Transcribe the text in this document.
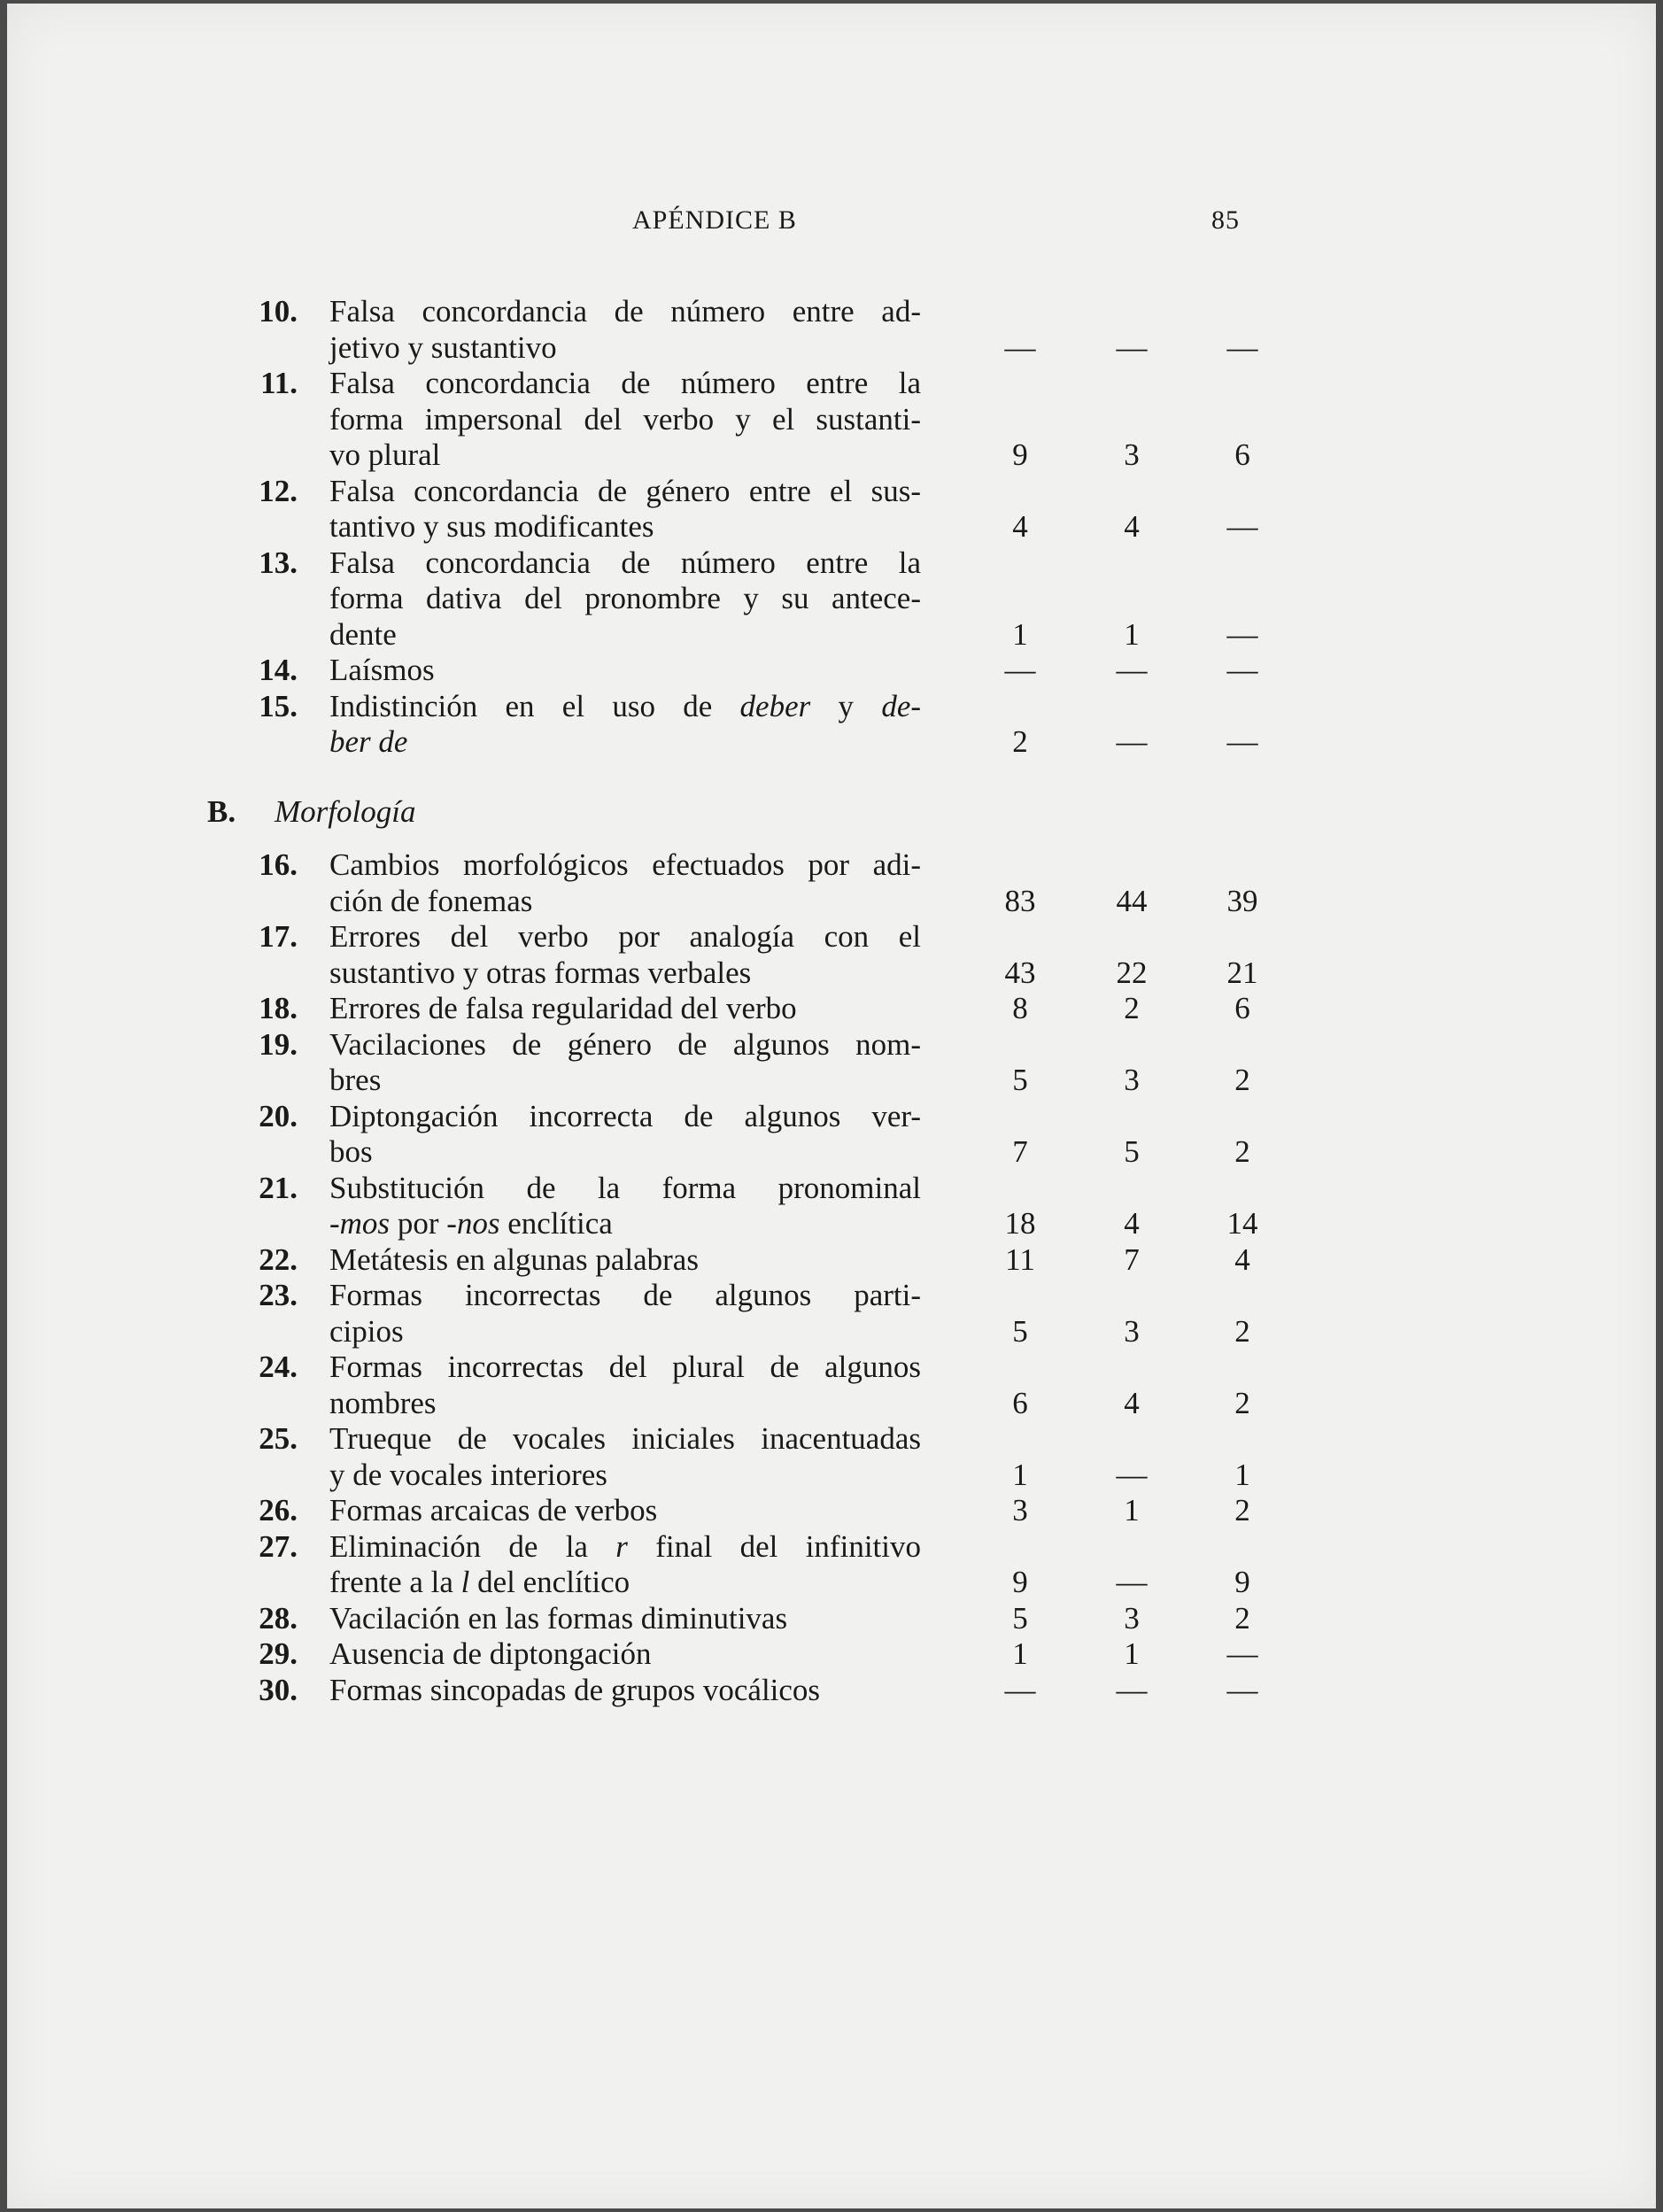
APÉNDICE B	85
10. Falsa concordancia de número entre ad-
jetivo y sustantivo	—	—	—
11. Falsa concordancia de número entre la
forma impersonal del verbo y el sustanti-
vo plural	9	3	6
12. Falsa concordancia de género entre el sus-
tantivo y sus modificantes	4	4	—
13. Falsa concordancia de número entre la
forma dativa del pronombre y su antece-
dente	1	1	—
14. Laísmos	—	—	—
15. Indistinción en el uso de deber y de-
ber de	2	—	—
B. Morfología
16. Cambios morfológicos efectuados por adi-
ción de fonemas	83	44	39
17. Errores del verbo por analogía con el
sustantivo y otras formas verbales	43	22	21
18. Errores de falsa regularidad del verbo	8	2	6
19. Vacilaciones de género de algunos nom-
bres	5	3	2
20. Diptongación incorrecta de algunos ver-
bos	7	5	2
21. Substitución de la forma pronominal
-mos por -nos enclítica	18	4	14
22. Metátesis en algunas palabras	11	7	4
23. Formas incorrectas de algunos parti-
cipios	5	3	2
24. Formas incorrectas del plural de algunos
nombres	6	4	2
25. Trueque de vocales iniciales inacentuadas
y de vocales interiores	1	—	1
26. Formas arcaicas de verbos	3	1	2
27. Eliminación de la r final del infinitivo
frente a la l del enclítico	9	—	9
28. Vacilación en las formas diminutivas	5	3	2
29. Ausencia de diptongación	1	1	—
30. Formas sincopadas de grupos vocálicos	—	—	—
